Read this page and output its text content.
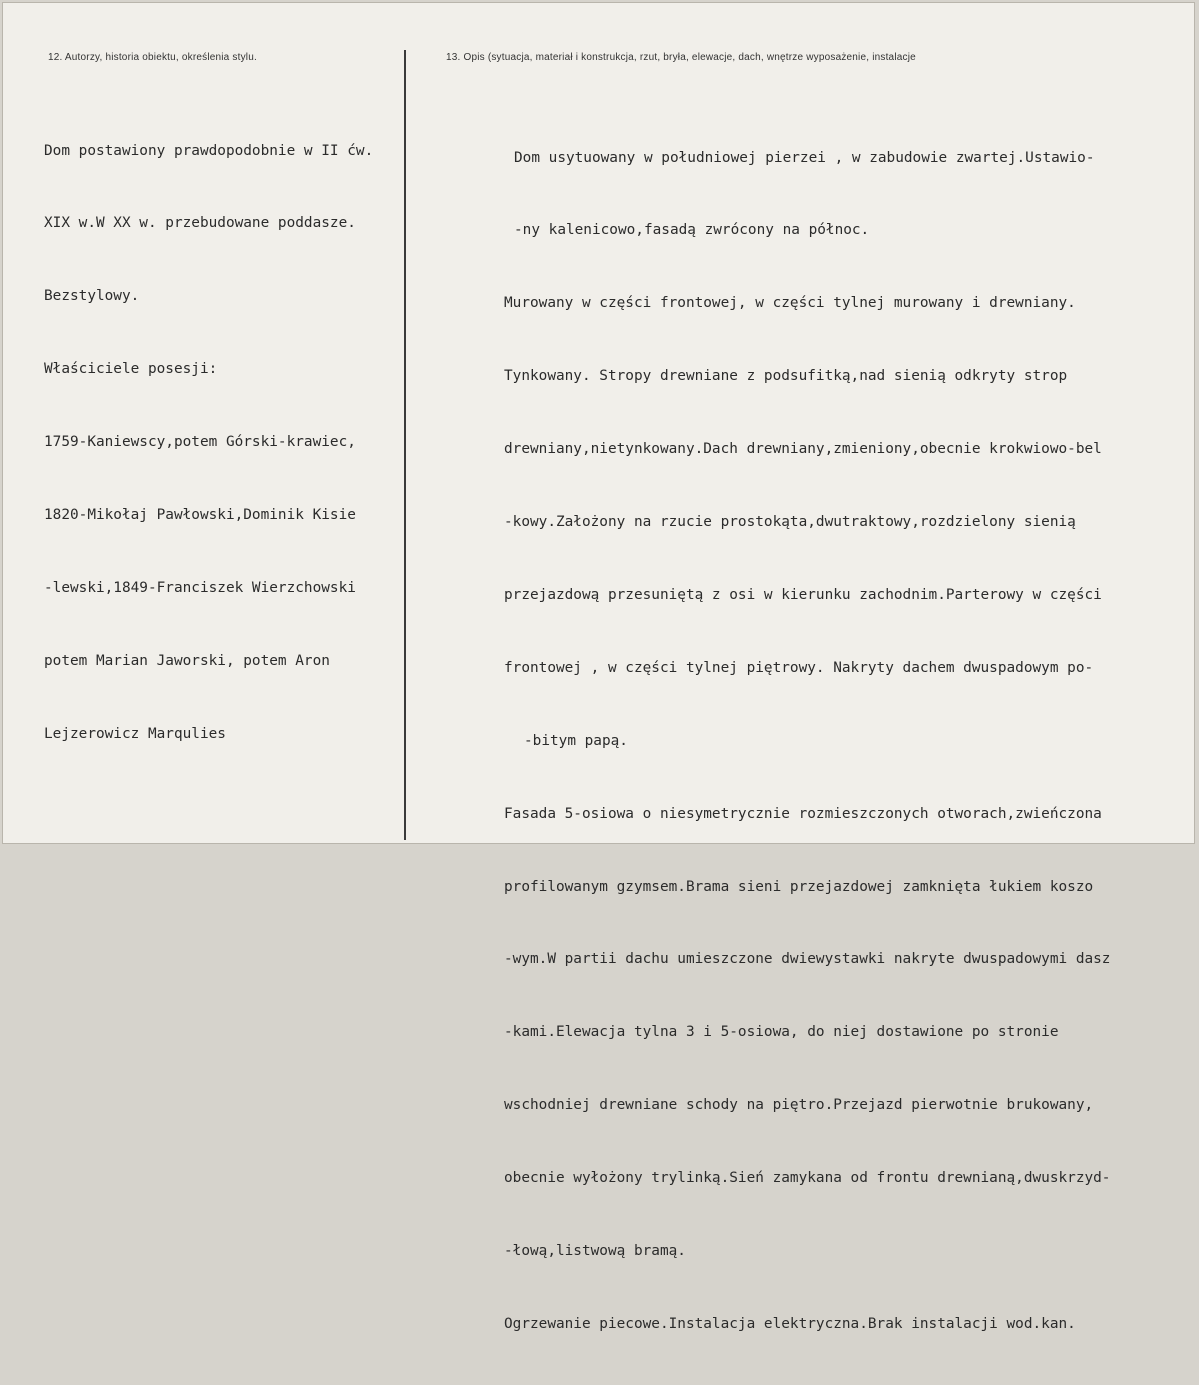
12. Autorzy, historia obiektu, określenia stylu.	13. Opis (sytuacja, materiał i konstrukcja, rzut, bryła, elewacje, dach, wnętrze wyposażenie, instalacje

Dom postawiony prawdopodobnie w II ćw.

XIX w.W XX w. przebudowane poddasze.

Bezstylowy.

Właściciele posesji:

1759-Kaniewscy,potem Górski-krawiec,

1820-Mikołaj Pawłowski,Dominik Kisie

-lewski,1849-Franciszek Wierzchowski

potem Marian Jaworski, potem Aron

Lejzerowicz Marqulies

Dom usytuowany w południowej pierzei , w zabudowie zwartej.Ustawio-

-ny kalenicowo,fasadą zwrócony na północ.

Murowany w części frontowej, w części tylnej murowany i drewniany.

Tynkowany. Stropy drewniane z podsufitką,nad sienią odkryty strop

drewniany,nietynkowany.Dach drewniany,zmieniony,obecnie krokwiowo-bel

-kowy.Założony na rzucie prostokąta,dwutraktowy,rozdzielony sienią

przejazdową przesuniętą z osi w kierunku zachodnim.Parterowy w części

frontowej , w części tylnej piętrowy. Nakryty dachem dwuspadowym po-

-bitym papą.

Fasada 5-osiowa o niesymetrycznie rozmieszczonych otworach,zwieńczona

profilowanym gzymsem.Brama sieni przejazdowej zamknięta łukiem koszo

-wym.W partii dachu umieszczone dwiewystawki nakryte dwuspadowymi dasz

-kami.Elewacja tylna 3 i 5-osiowa, do niej dostawione po stronie

wschodniej drewniane schody na piętro.Przejazd pierwotnie brukowany,

obecnie wyłożony trylinką.Sień zamykana od frontu drewnianą,dwuskrzyd-

-łową,listwową bramą.

Ogrzewanie piecowe.Instalacja elektryczna.Brak instalacji wod.kan.
